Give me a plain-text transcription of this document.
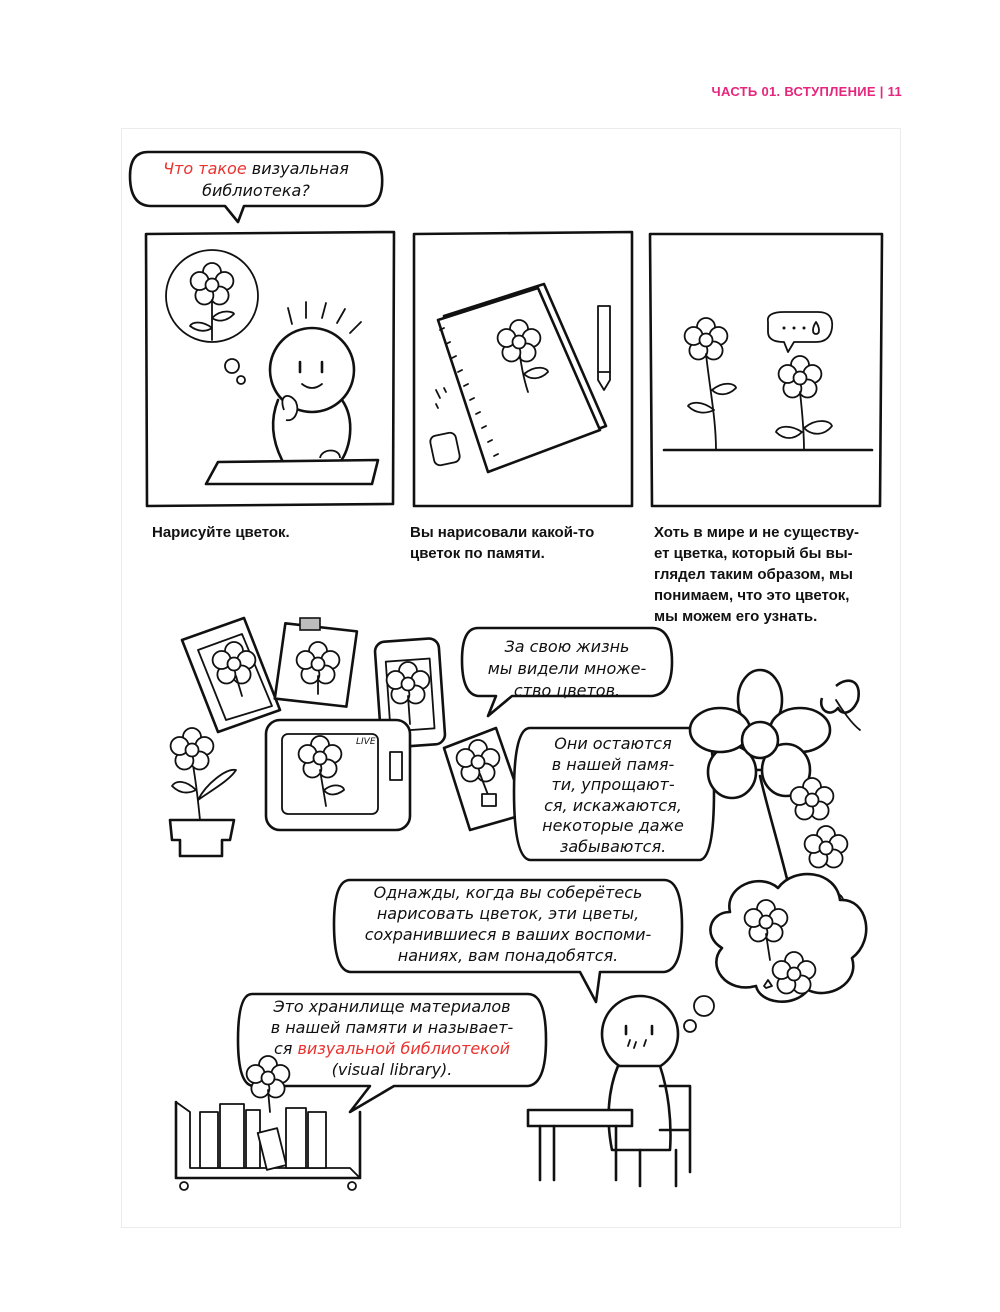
ЧАСТЬ 01. ВСТУПЛЕНИЕ | 11
LIVE
Что такое визуальная
библиотека?
Нарисуйте цветок.	Вы нарисовали какой-то
цветок по памяти.
Хоть в мире и не существу-
ет цветка, который бы вы-
глядел таким образом, мы
понимаем, что это цветок,
мы можем его узнать.
За свою жизнь
мы видели множе-
ство цветов.
Они остаются
в нашей памя-
ти, упрощают-
ся, искажаются,
некоторые даже
забываются.
Однажды, когда вы соберётесь
нарисовать цветок, эти цветы,
сохранившиеся в ваших воспоми-
наниях, вам понадобятся.
Это хранилище материалов
в нашей памяти и называет-
ся визуальной библиотекой
(visual library).
